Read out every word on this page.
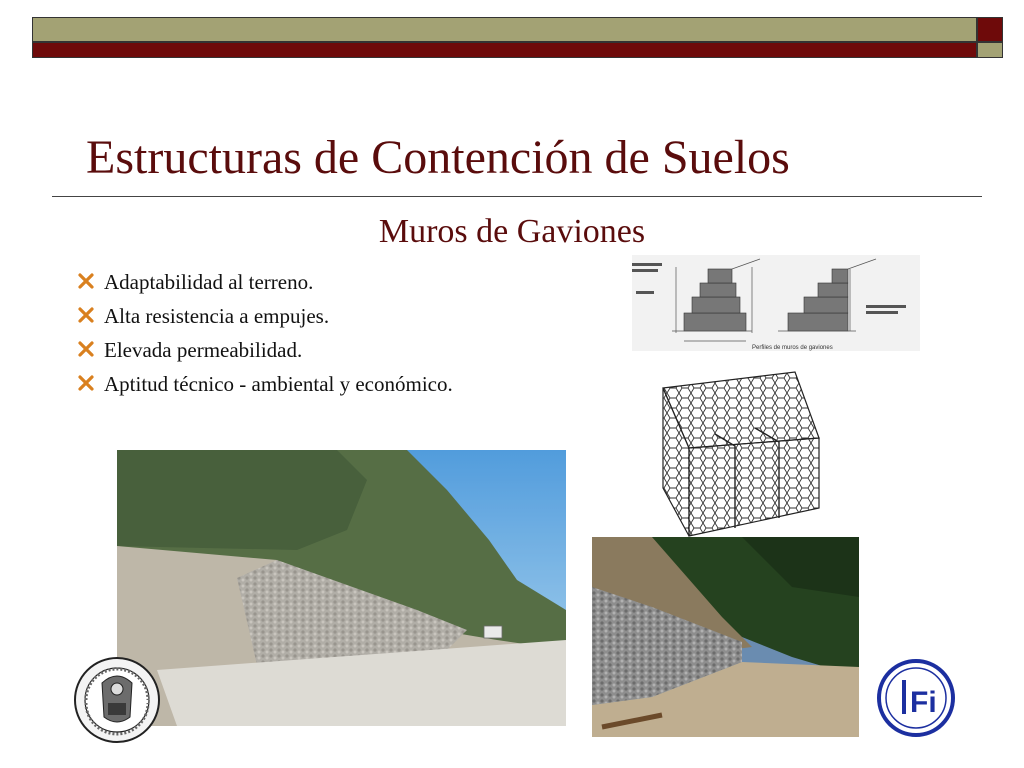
Estructuras de Contención de Suelos
Muros de Gaviones
Adaptabilidad al terreno.
Alta resistencia a empujes.
Elevada permeabilidad.
Aptitud técnico - ambiental y económico.
Perfiles de muros de gaviones
Fi
